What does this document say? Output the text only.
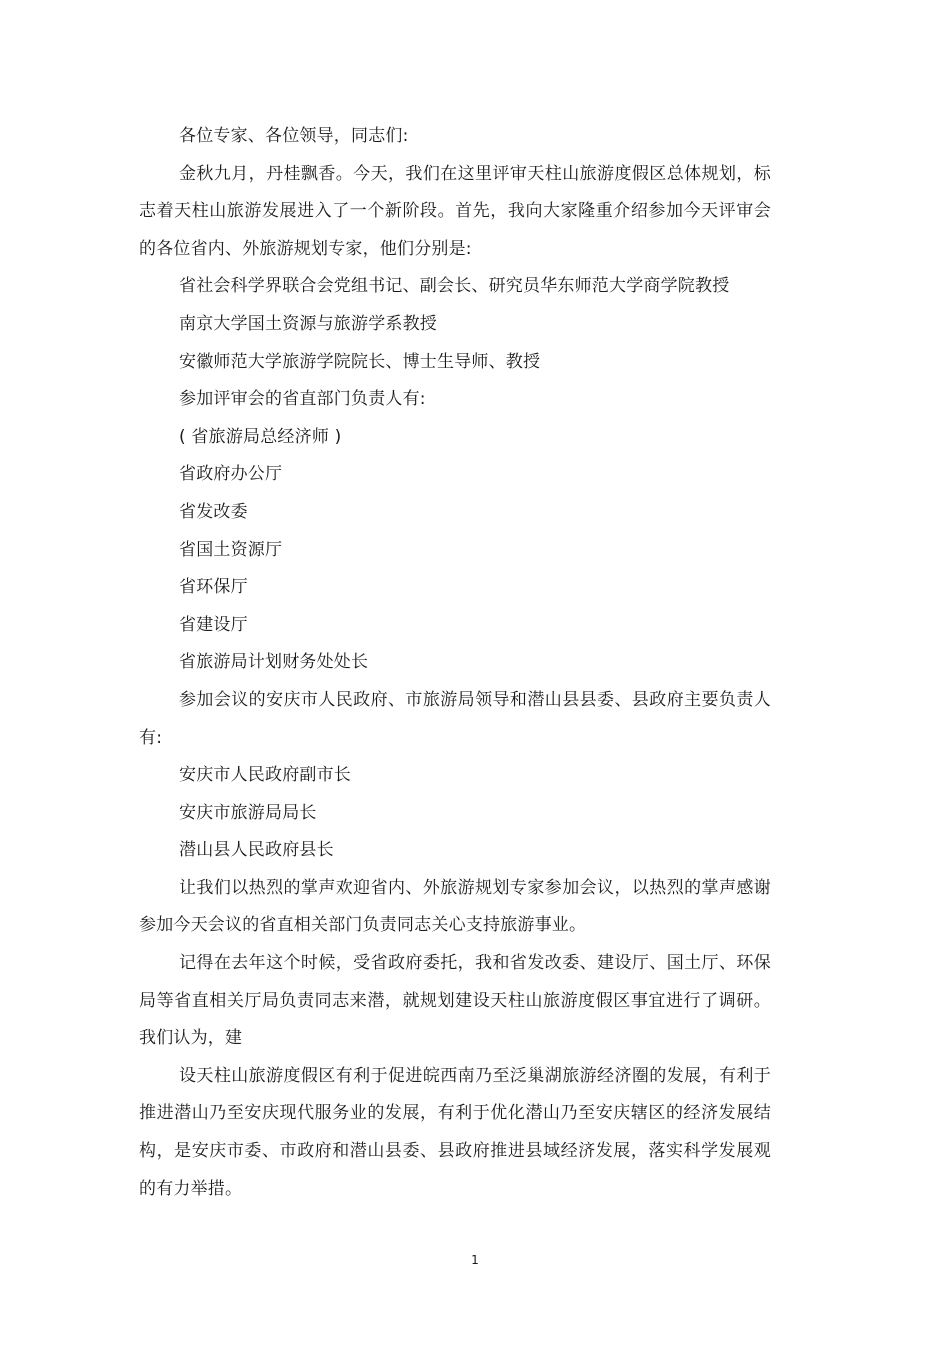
各位专家、各位领导，同志们:

金秋九月，丹桂飘香。今天，我们在这里评审天柱山旅游度假区总体规划，标志着天柱山旅游发展进入了一个新阶段。首先，我向大家隆重介绍参加今天评审会的各位省内、外旅游规划专家，他们分别是:

省社会科学界联合会党组书记、副会长、研究员华东师范大学商学院教授

南京大学国土资源与旅游学系教授

安徽师范大学旅游学院院长、博士生导师、教授

参加评审会的省直部门负责人有:

( 省旅游局总经济师 )

省政府办公厅

省发改委

省国土资源厅

省环保厅

省建设厅

省旅游局计划财务处处长

参加会议的安庆市人民政府、市旅游局领导和潜山县县委、县政府主要负责人有:

安庆市人民政府副市长

安庆市旅游局局长

潜山县人民政府县长

让我们以热烈的掌声欢迎省内、外旅游规划专家参加会议，以热烈的掌声感谢参加今天会议的省直相关部门负责同志关心支持旅游事业。

记得在去年这个时候，受省政府委托，我和省发改委、建设厅、国土厅、环保局等省直相关厅局负责同志来潜，就规划建设天柱山旅游度假区事宜进行了调研。我们认为，建

设天柱山旅游度假区有利于促进皖西南乃至泛巢湖旅游经济圈的发展，有利于推进潜山乃至安庆现代服务业的发展，有利于优化潜山乃至安庆辖区的经济发展结构，是安庆市委、市政府和潜山县委、县政府推进县域经济发展，落实科学发展观的有力举措。

1
